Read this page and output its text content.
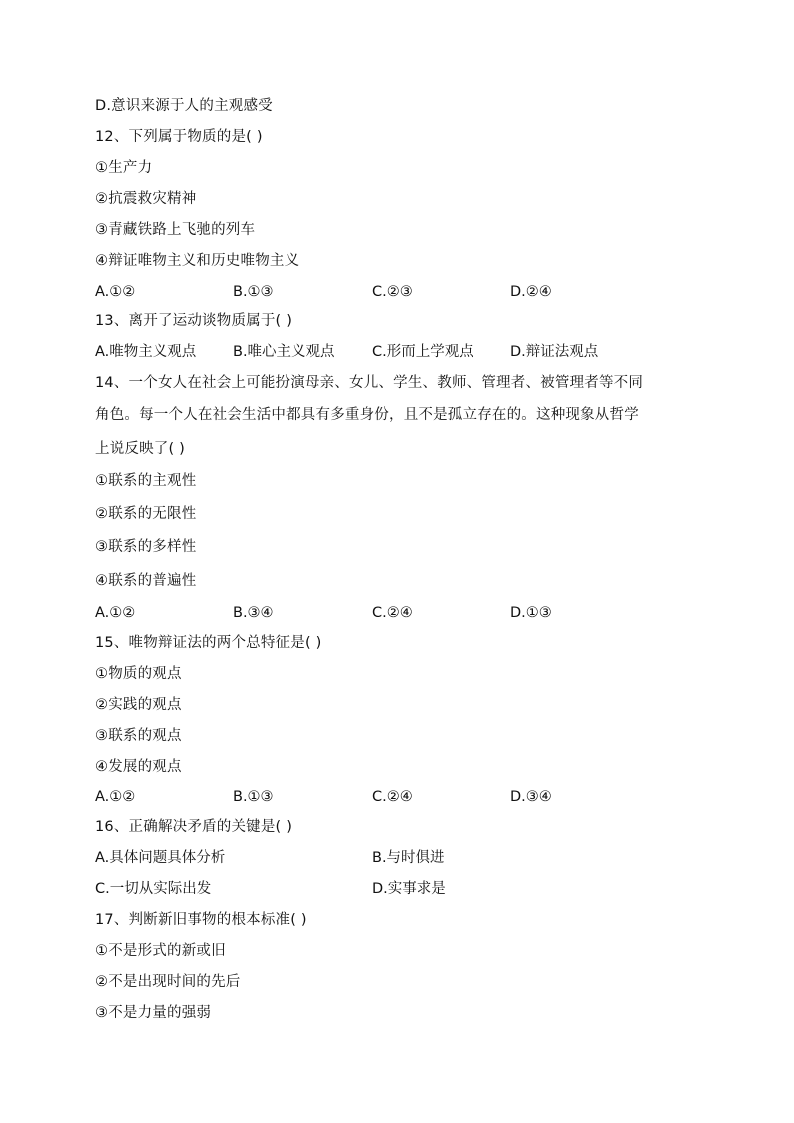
D.意识来源于人的主观感受
12、下列属于物质的是( )
①生产力
②抗震救灾精神
③青藏铁路上飞驰的列车
④辩证唯物主义和历史唯物主义
A.①②	B.①③	C.②③	D.②④
13、离开了运动谈物质属于( )
A.唯物主义观点	B.唯心主义观点	C.形而上学观点	D.辩证法观点
14、一个女人在社会上可能扮演母亲、女儿、学生、教师、管理者、被管理者等不同
角色。每一个人在社会生活中都具有多重身份，且不是孤立存在的。这种现象从哲学
上说反映了( )
①联系的主观性
②联系的无限性
③联系的多样性
④联系的普遍性
A.①②	B.③④	C.②④	D.①③
15、唯物辩证法的两个总特征是( )
①物质的观点
②实践的观点
③联系的观点
④发展的观点
A.①②	B.①③	C.②④	D.③④
16、正确解决矛盾的关键是( )
A.具体问题具体分析	B.与时俱进
C.一切从实际出发	D.实事求是
17、判断新旧事物的根本标准( )
①不是形式的新或旧
②不是出现时间的先后
③不是力量的强弱
